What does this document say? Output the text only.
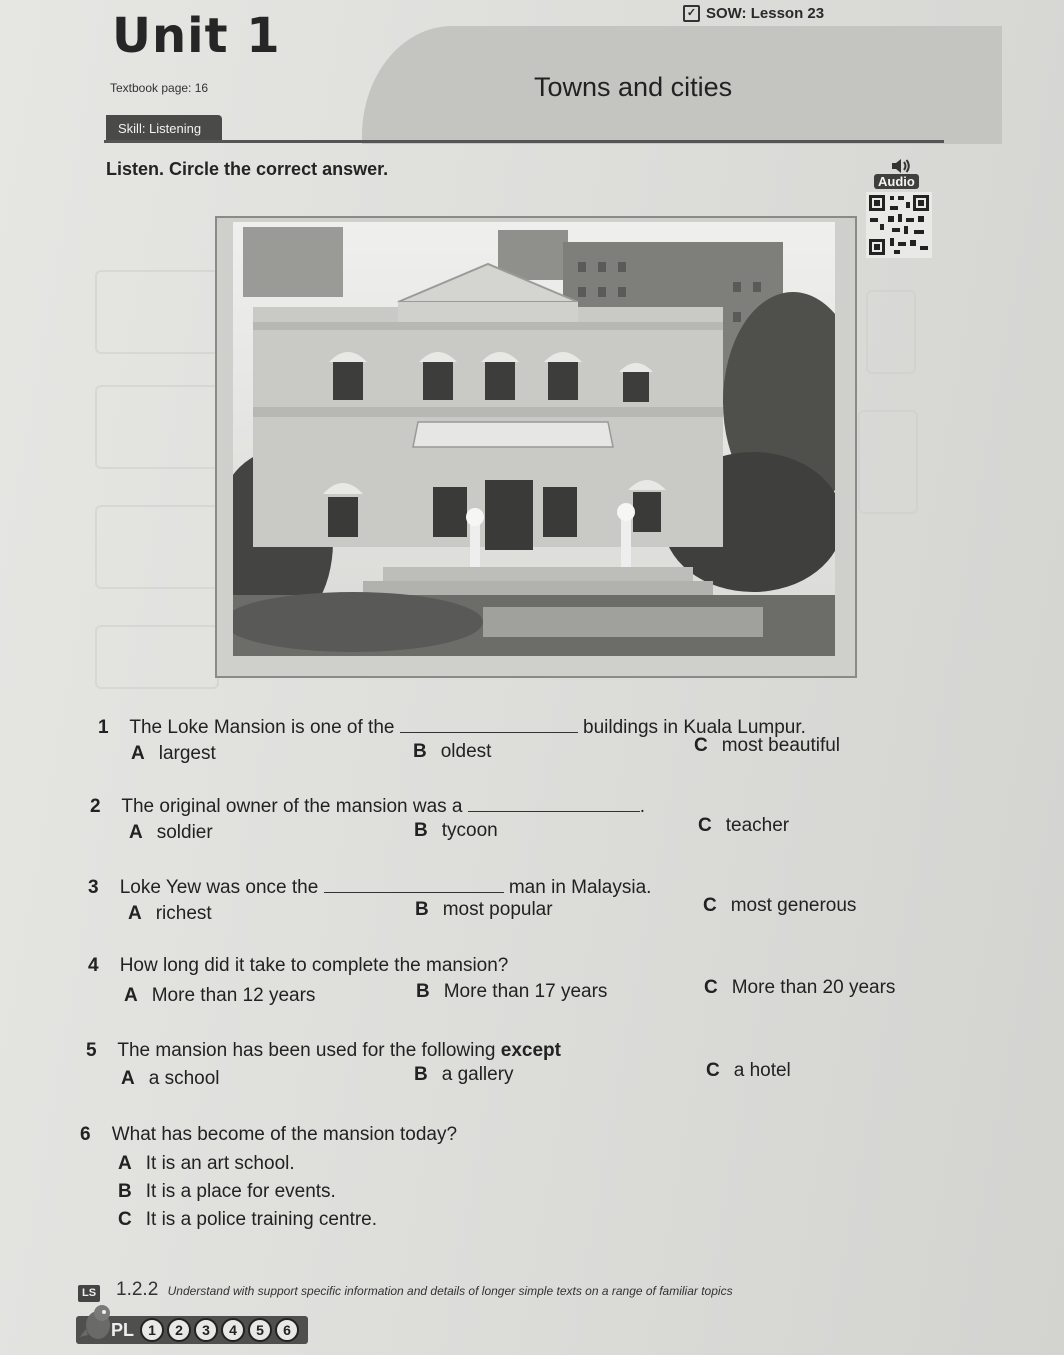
Unit 1	✓ SOW: Lesson 23
Textbook page: 16	Towns and cities
Skill: Listening
Listen. Circle the correct answer.
Audio
1 The Loke Mansion is one of the	buildings in Kuala Lumpur.
A largest	B oldest	C most beautiful
2 The original owner of the mansion was a	.
A soldier	B tycoon	C teacher
3 Loke Yew was once the	man in Malaysia.
A richest	B most popular	C most generous
4 How long did it take to complete the mansion?
A More than 12 years	B More than 17 years	C More than 20 years
5 The mansion has been used for the following except
A a school	B a gallery	C a hotel
6 What has become of the mansion today?
A It is an art school.
B It is a place for events.
C It is a police training centre.
LS 1.2.2 Understand with support specific information and details of longer simple texts on a range of familiar topics
PL	1	2	3	4	5	6
